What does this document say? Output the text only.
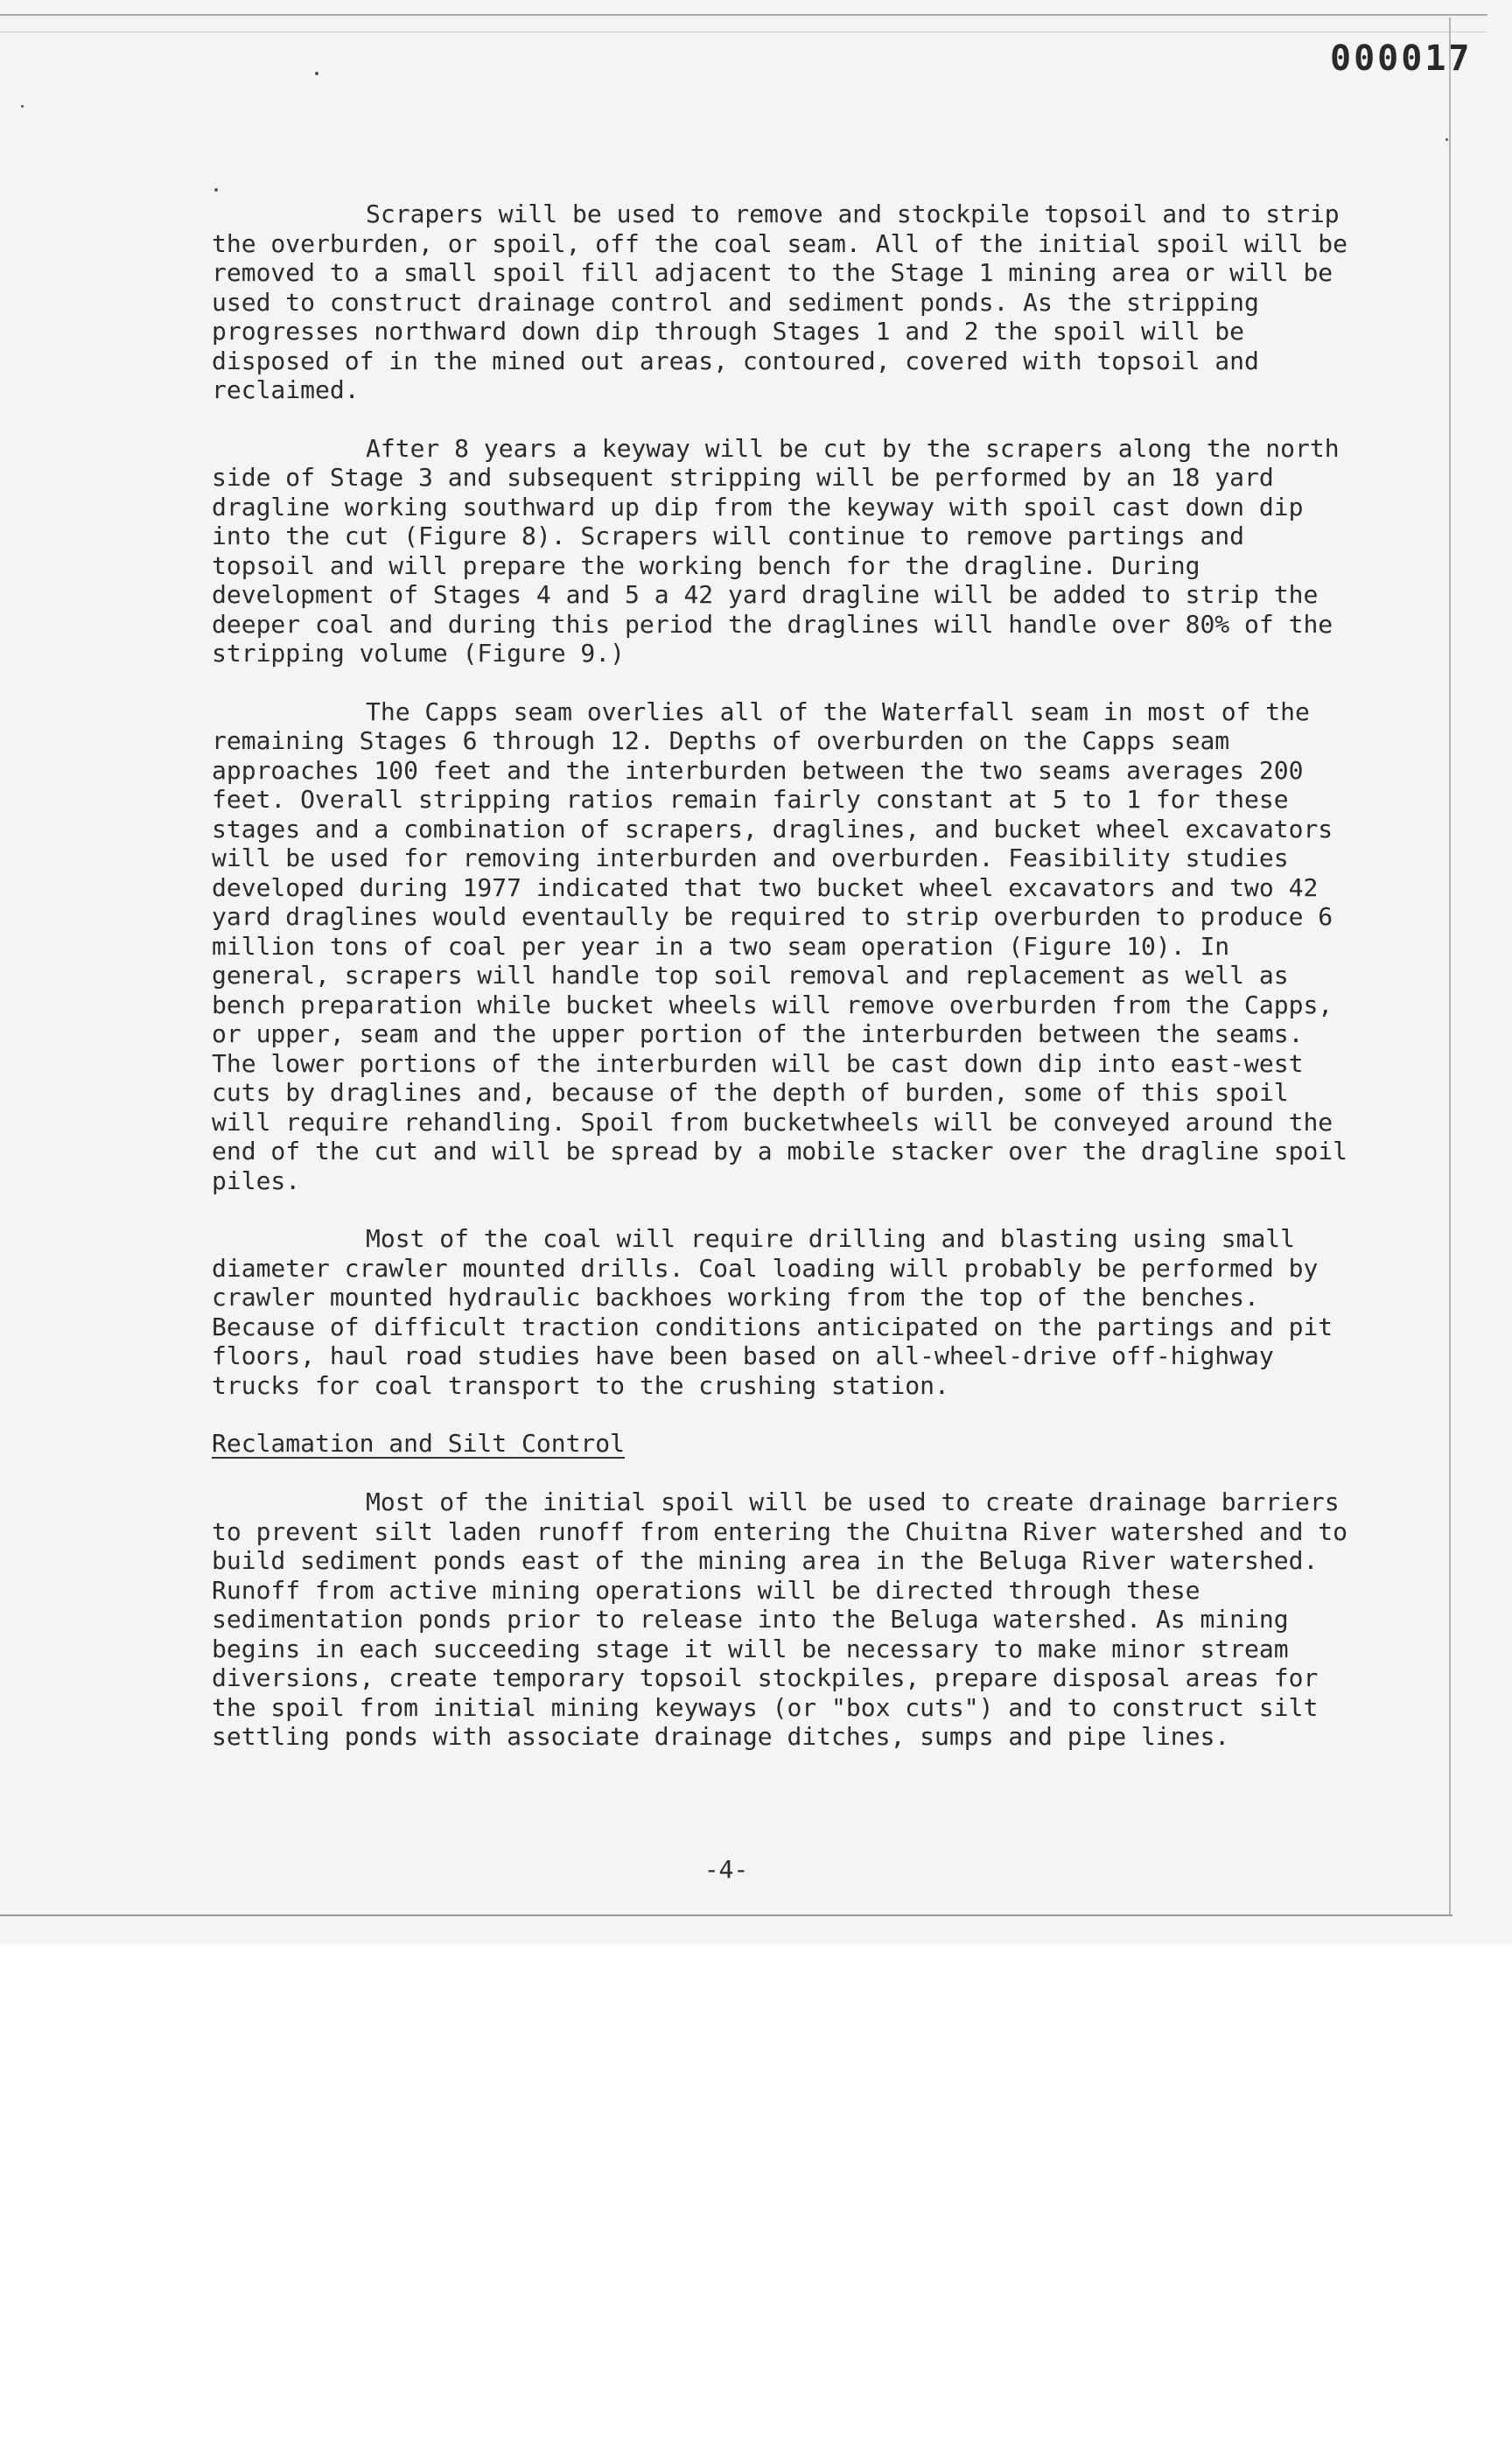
000017

Scrapers will be used to remove and stockpile topsoil and to strip the overburden, or spoil, off the coal seam. All of the initial spoil will be removed to a small spoil fill adjacent to the Stage 1 mining area or will be used to construct drainage control and sediment ponds. As the stripping progresses northward down dip through Stages 1 and 2 the spoil will be disposed of in the mined out areas, contoured, covered with topsoil and reclaimed.

After 8 years a keyway will be cut by the scrapers along the north side of Stage 3 and subsequent stripping will be performed by an 18 yard dragline working southward up dip from the keyway with spoil cast down dip into the cut (Figure 8). Scrapers will continue to remove partings and topsoil and will prepare the working bench for the dragline. During development of Stages 4 and 5 a 42 yard dragline will be added to strip the deeper coal and during this period the draglines will handle over 80% of the stripping volume (Figure 9.)

The Capps seam overlies all of the Waterfall seam in most of the remaining Stages 6 through 12. Depths of overburden on the Capps seam approaches 100 feet and the interburden between the two seams averages 200 feet. Overall stripping ratios remain fairly constant at 5 to 1 for these stages and a combination of scrapers, draglines, and bucket wheel excavators will be used for removing interburden and overburden. Feasibility studies developed during 1977 indicated that two bucket wheel excavators and two 42 yard draglines would eventaully be required to strip overburden to produce 6 million tons of coal per year in a two seam operation (Figure 10). In general, scrapers will handle top soil removal and replacement as well as bench preparation while bucket wheels will remove overburden from the Capps, or upper, seam and the upper portion of the interburden between the seams. The lower portions of the interburden will be cast down dip into east-west cuts by draglines and, because of the depth of burden, some of this spoil will require rehandling. Spoil from bucketwheels will be conveyed around the end of the cut and will be spread by a mobile stacker over the dragline spoil piles.

Most of the coal will require drilling and blasting using small diameter crawler mounted drills. Coal loading will probably be performed by crawler mounted hydraulic backhoes working from the top of the benches. Because of difficult traction conditions anticipated on the partings and pit floors, haul road studies have been based on all-wheel-drive off-highway trucks for coal transport to the crushing station.

Reclamation and Silt Control

Most of the initial spoil will be used to create drainage barriers to prevent silt laden runoff from entering the Chuitna River watershed and to build sediment ponds east of the mining area in the Beluga River watershed. Runoff from active mining operations will be directed through these sedimentation ponds prior to release into the Beluga watershed. As mining begins in each succeeding stage it will be necessary to make minor stream diversions, create temporary topsoil stockpiles, prepare disposal areas for the spoil from initial mining keyways (or "box cuts") and to construct silt settling ponds with associate drainage ditches, sumps and pipe lines.

-4-
